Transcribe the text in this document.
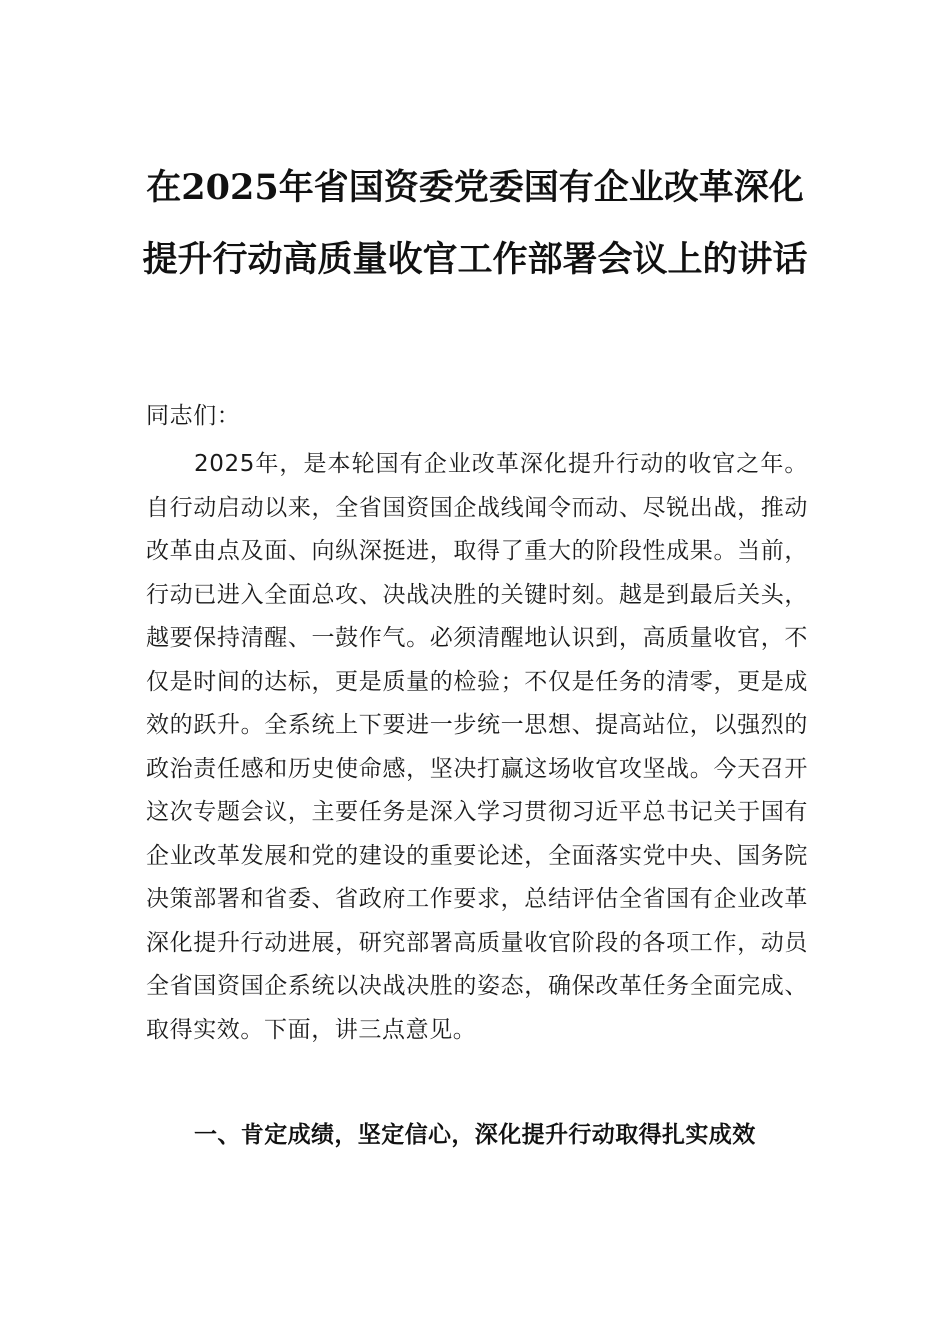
在2025年省国资委党委国有企业改革深化提升行动高质量收官工作部署会议上的讲话

同志们：

2025年，是本轮国有企业改革深化提升行动的收官之年。自行动启动以来，全省国资国企战线闻令而动、尽锐出战，推动改革由点及面、向纵深挺进，取得了重大的阶段性成果。当前，行动已进入全面总攻、决战决胜的关键时刻。越是到最后关头，越要保持清醒、一鼓作气。必须清醒地认识到，高质量收官，不仅是时间的达标，更是质量的检验；不仅是任务的清零，更是成效的跃升。全系统上下要进一步统一思想、提高站位，以强烈的政治责任感和历史使命感，坚决打赢这场收官攻坚战。今天召开这次专题会议，主要任务是深入学习贯彻习近平总书记关于国有企业改革发展和党的建设的重要论述，全面落实党中央、国务院决策部署和省委、省政府工作要求，总结评估全省国有企业改革深化提升行动进展，研究部署高质量收官阶段的各项工作，动员全省国资国企系统以决战决胜的姿态，确保改革任务全面完成、取得实效。下面，讲三点意见。

一、肯定成绩，坚定信心，深化提升行动取得扎实成效
